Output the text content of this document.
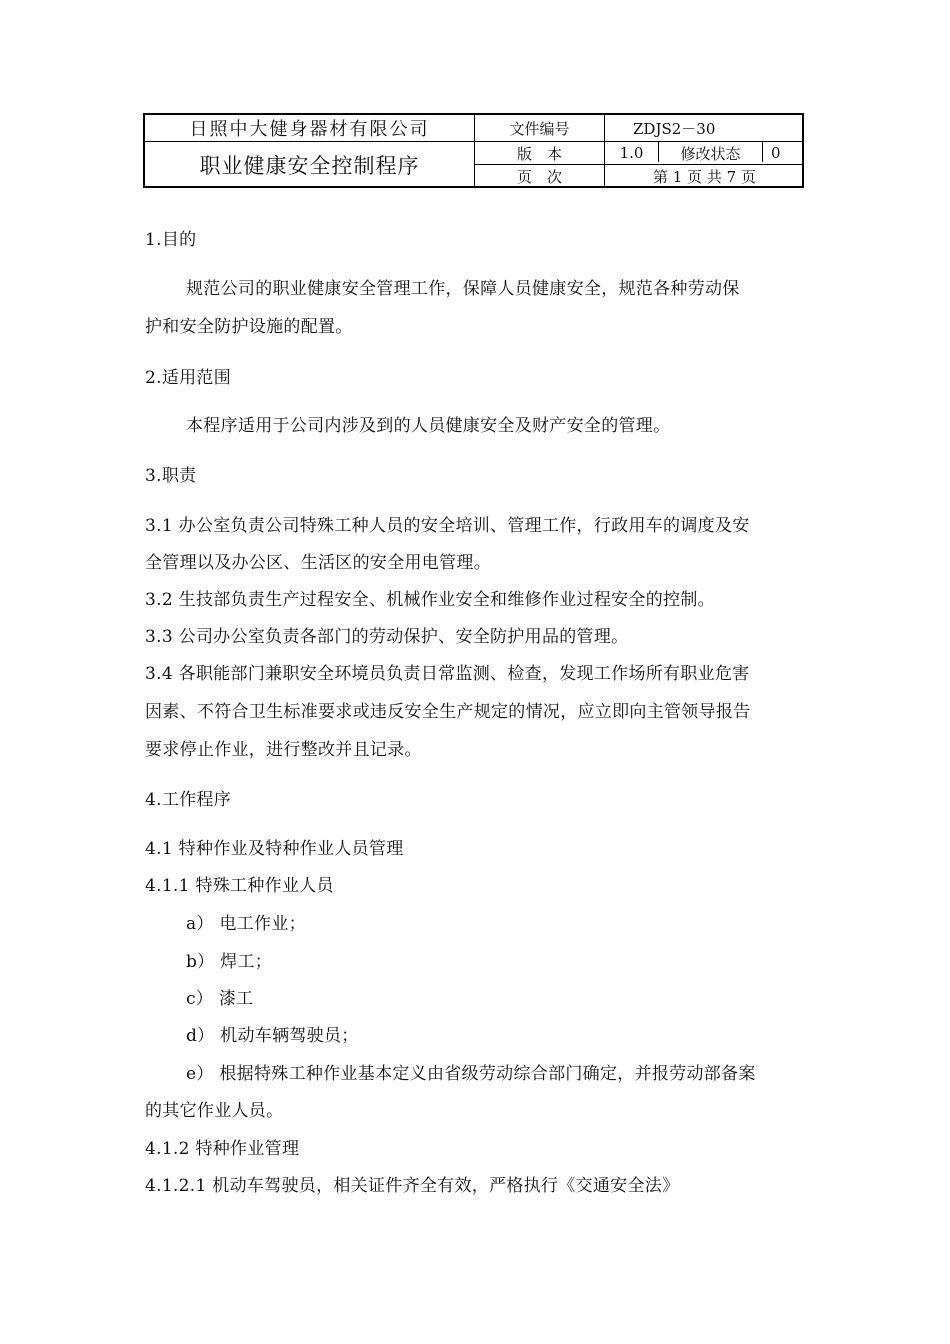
日照中大健身器材有限公司
职业健康安全控制程序
文件编号	ZDJS2－30
版　本	1.0	修改状态	0
页　次	第 1 页 共 7 页
1.目的
规范公司的职业健康安全管理工作，保障人员健康安全，规范各种劳动保
护和安全防护设施的配置。
2.适用范围
本程序适用于公司内涉及到的人员健康安全及财产安全的管理。
3.职责
3.1 办公室负责公司特殊工种人员的安全培训、管理工作，行政用车的调度及安
全管理以及办公区、生活区的安全用电管理。
3.2 生技部负责生产过程安全、机械作业安全和维修作业过程安全的控制。
3.3 公司办公室负责各部门的劳动保护、安全防护用品的管理。
3.4 各职能部门兼职安全环境员负责日常监测、检查，发现工作场所有职业危害
因素、不符合卫生标准要求或违反安全生产规定的情况，应立即向主管领导报告
要求停止作业，进行整改并且记录。
4.工作程序
4.1 特种作业及特种作业人员管理
4.1.1 特殊工种作业人员
a） 电工作业；
b） 焊工；
c） 漆工
d） 机动车辆驾驶员；
e） 根据特殊工种作业基本定义由省级劳动综合部门确定，并报劳动部备案
的其它作业人员。
4.1.2 特种作业管理
4.1.2.1 机动车驾驶员，相关证件齐全有效，严格执行《交通安全法》
